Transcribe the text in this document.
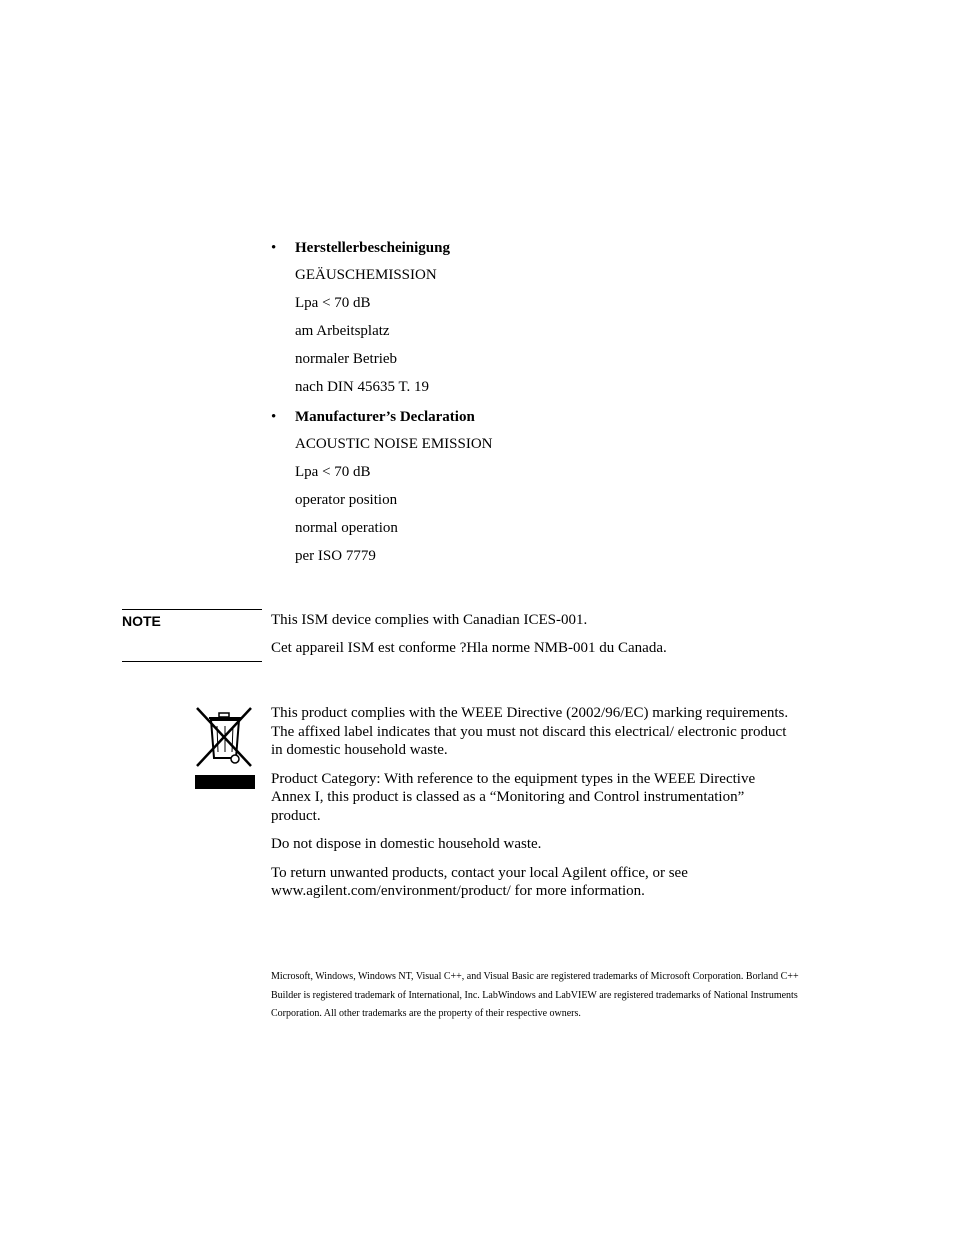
• Herstellerbescheinigung
GEÄUSCHEMISSION
Lpa < 70 dB
am Arbeitsplatz
normaler Betrieb
nach DIN 45635 T. 19
• Manufacturer’s Declaration
ACOUSTIC NOISE EMISSION
Lpa < 70 dB
operator position
normal operation
per ISO 7779
NOTE	This ISM device complies with Canadian ICES-001.
Cet appareil ISM est conforme ?Hla norme NMB-001 du Canada.

This product complies with the WEEE Directive (2002/96/EC) marking requirements. The affixed label indicates that you must not discard this electrical/ electronic product in domestic household waste.

Product Category: With reference to the equipment types in the WEEE Directive Annex I, this product is classed as a “Monitoring and Control instrumentation” product.

Do not dispose in domestic household waste.

To return unwanted products, contact your local Agilent office, or see www.agilent.com/environment/product/ for more information.

Microsoft, Windows, Windows NT, Visual C++, and Visual Basic are registered trademarks of Microsoft Corporation. Borland C++ Builder is registered trademark of International, Inc. LabWindows and LabVIEW are registered trademarks of National Instruments Corporation. All other trademarks are the property of their respective owners.
